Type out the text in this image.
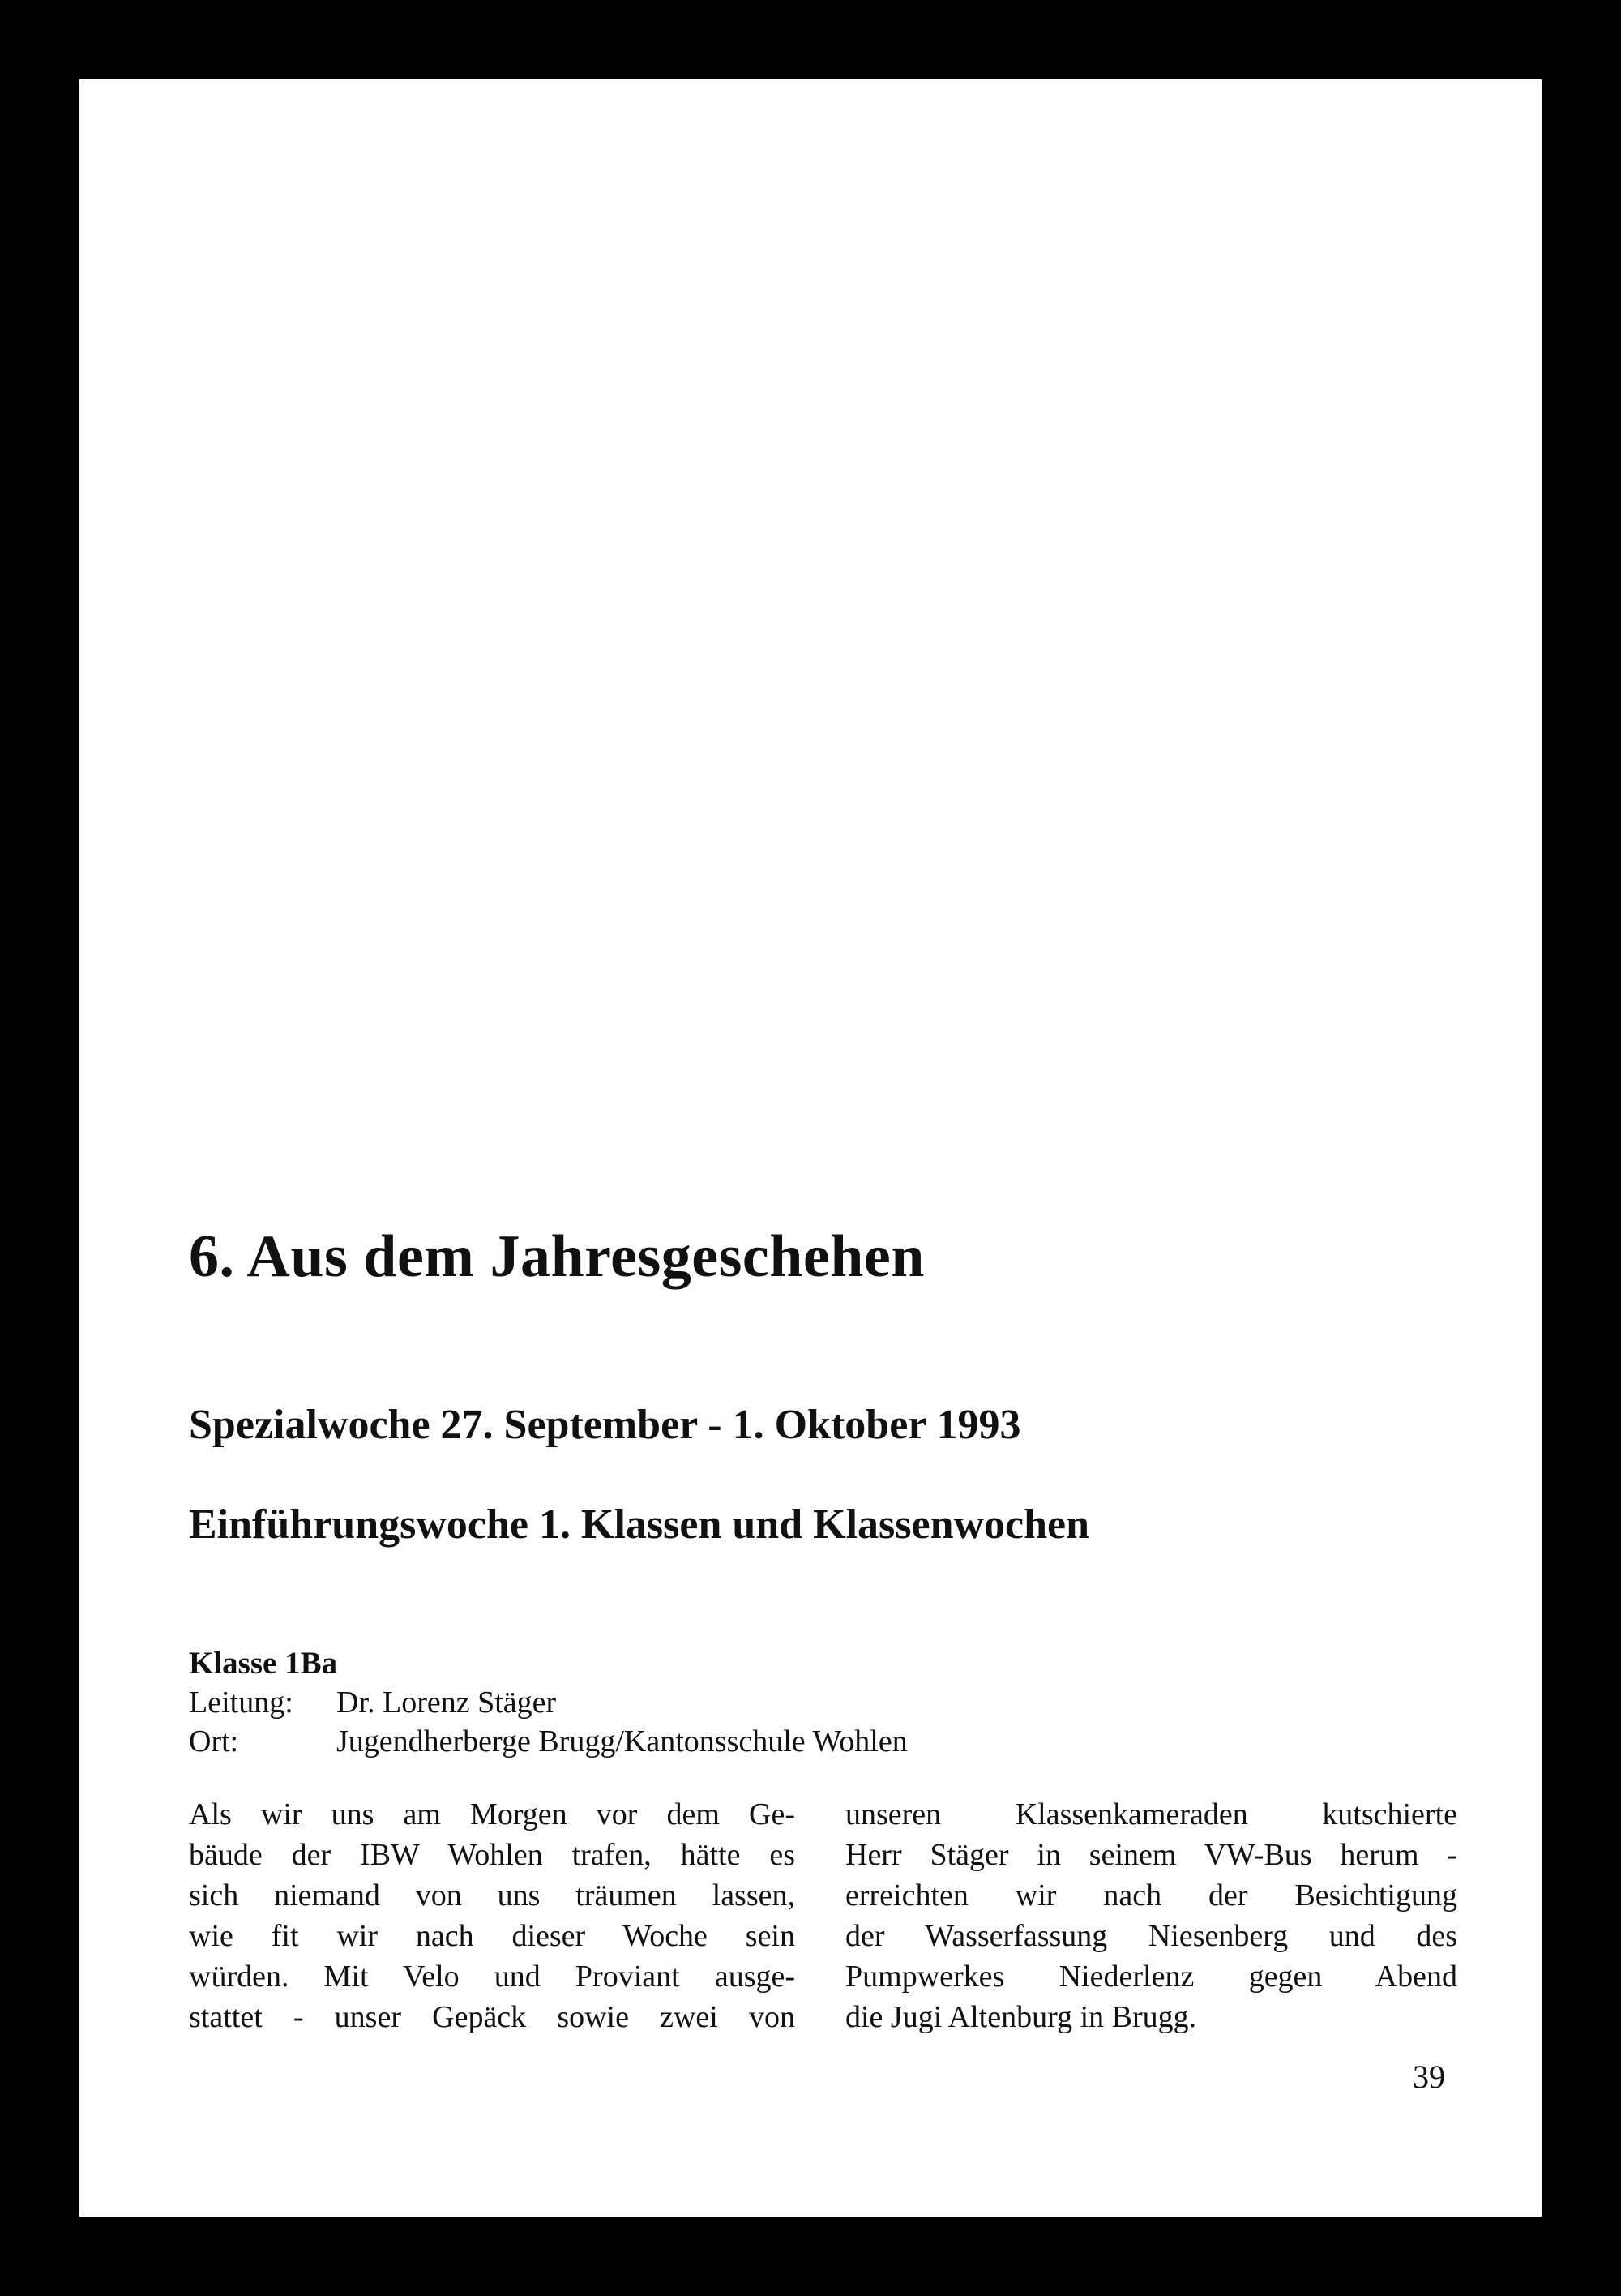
6. Aus dem Jahresgeschehen
Spezialwoche 27. September - 1. Oktober 1993
Einführungswoche 1. Klassen und Klassenwochen

Klasse 1Ba

Leitung:	Dr. Lorenz Stäger
Ort:	Jugendherberge Brugg/Kantonsschule Wohlen

Als wir uns am Morgen vor dem Ge-
bäude der IBW Wohlen trafen, hätte es
sich niemand von uns träumen lassen,
wie fit wir nach dieser Woche sein
würden. Mit Velo und Proviant ausge-
stattet - unser Gepäck sowie zwei von

unseren Klassenkameraden kutschierte
Herr Stäger in seinem VW-Bus herum -
erreichten wir nach der Besichtigung
der Wasserfassung Niesenberg und des
Pumpwerkes Niederlenz gegen Abend
die Jugi Altenburg in Brugg.

39
